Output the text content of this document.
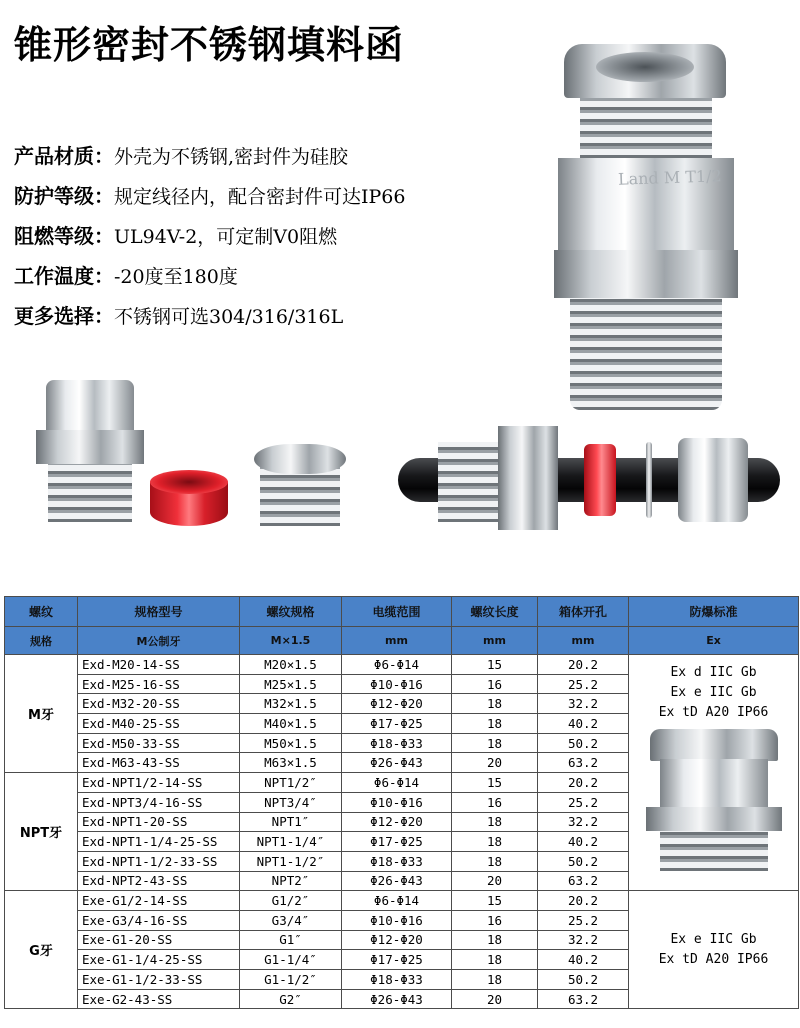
锥形密封不锈钢填料函
产品材质：外壳为不锈钢,密封件为硅胶
防护等级：规定线径内，配合密封件可达IP66
阻燃等级：UL94V-2，可定制V0阻燃
工作温度：-20度至180度
更多选择：不锈钢可选304/316/316L
Land M T1/2
螺纹	规格型号	螺纹规格	电缆范围	螺纹长度	箱体开孔	防爆标准
规格	M公制牙	M×1.5	mm	mm	mm	Ex
M牙	Exd-M20-14-SS	M20×1.5	Φ6-Φ14	15	20.2	Ex d IIC Gb
Ex e IIC Gb
Ex tD A20 IP66

	Exd-M25-16-SS	M25×1.5	Φ10-Φ16	16	25.2	
	Exd-M32-20-SS	M32×1.5	Φ12-Φ20	18	32.2	
	Exd-M40-25-SS	M40×1.5	Φ17-Φ25	18	40.2	
	Exd-M50-33-SS	M50×1.5	Φ18-Φ33	18	50.2	
	Exd-M63-43-SS	M63×1.5	Φ26-Φ43	20	63.2	
NPT牙	Exd-NPT1/2-14-SS	NPT1/2″	Φ6-Φ14	15	20.2	
	Exd-NPT3/4-16-SS	NPT3/4″	Φ10-Φ16	16	25.2	
	Exd-NPT1-20-SS	NPT1″	Φ12-Φ20	18	32.2	
	Exd-NPT1-1/4-25-SS	NPT1-1/4″	Φ17-Φ25	18	40.2	
	Exd-NPT1-1/2-33-SS	NPT1-1/2″	Φ18-Φ33	18	50.2	
	Exd-NPT2-43-SS	NPT2″	Φ26-Φ43	20	63.2	
G牙	Exe-G1/2-14-SS	G1/2″	Φ6-Φ14	15	20.2	Ex e IIC Gb
Ex tD A20 IP66

	Exe-G3/4-16-SS	G3/4″	Φ10-Φ16	16	25.2	
	Exe-G1-20-SS	G1″	Φ12-Φ20	18	32.2	
	Exe-G1-1/4-25-SS	G1-1/4″	Φ17-Φ25	18	40.2	
	Exe-G1-1/2-33-SS	G1-1/2″	Φ18-Φ33	18	50.2	
	Exe-G2-43-SS	G2″	Φ26-Φ43	20	63.2	
